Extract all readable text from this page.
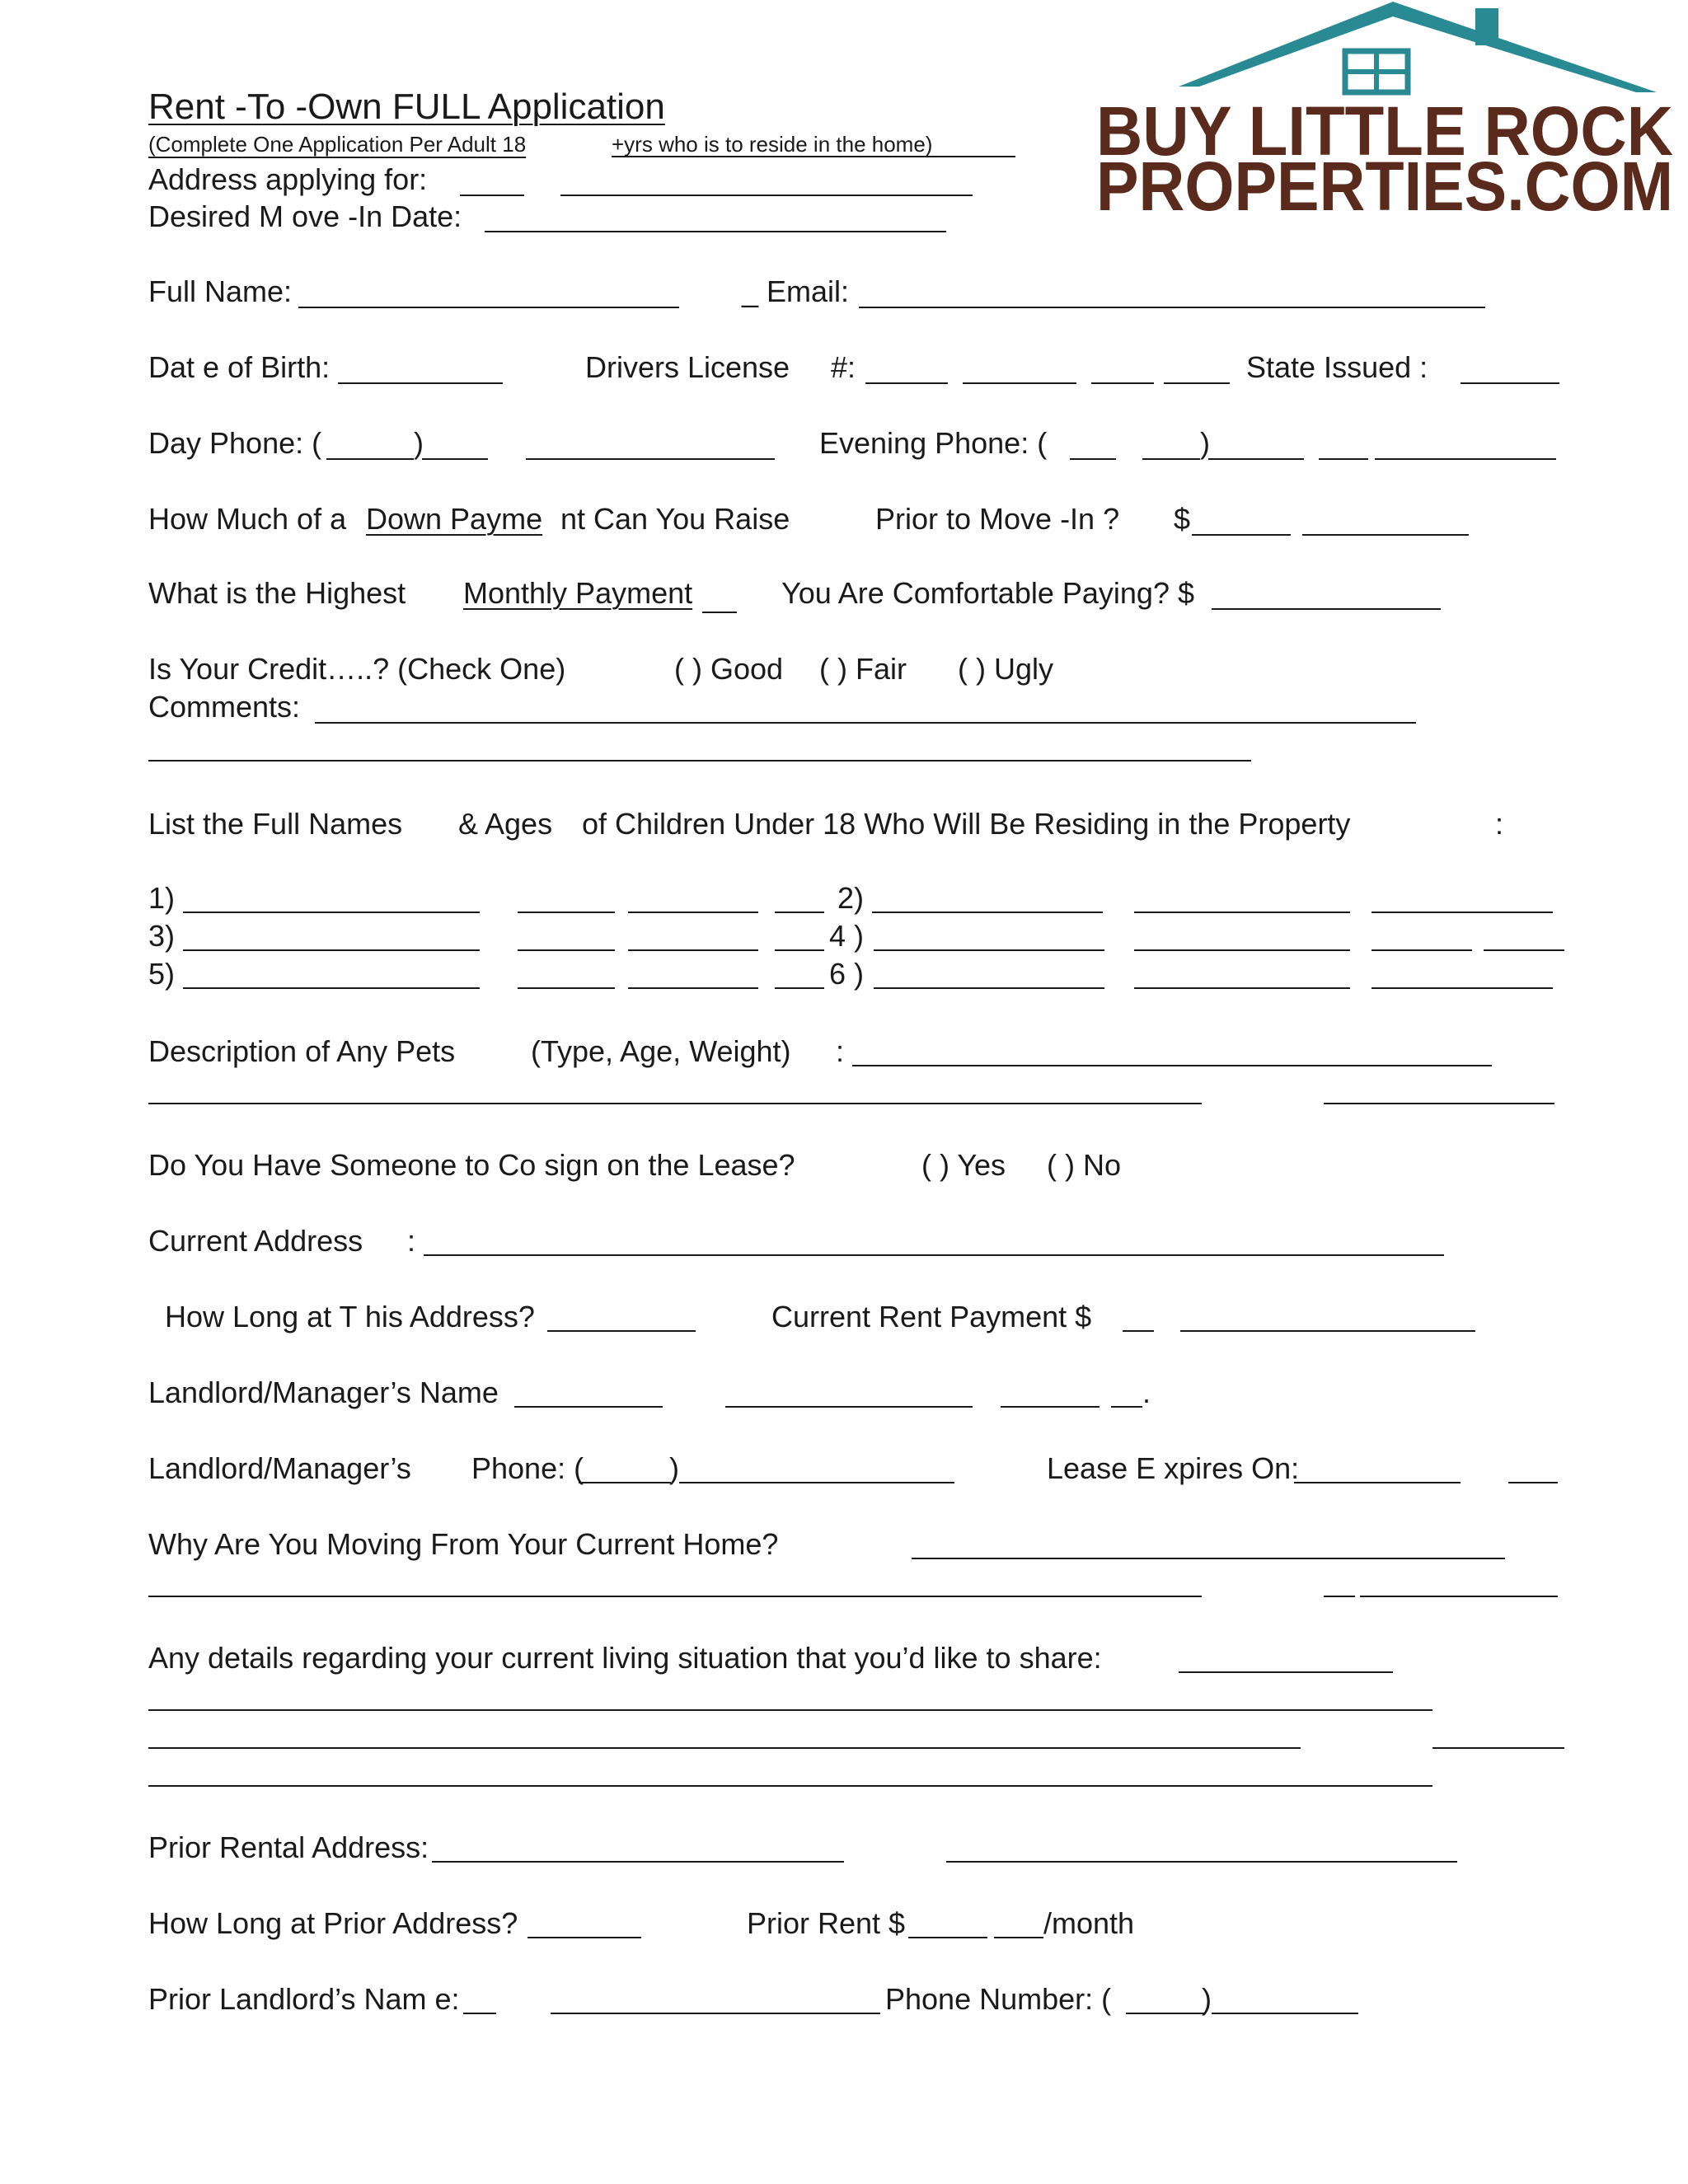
BUY LITTLE ROCK
PROPERTIES.COM
Rent -To -Own FULL Application
(Complete One Application Per Adult 18	+yrs who is to reside in the home)
Address applying for:
Desired M ove -In Date:
Full Name:	_ Email:
Dat e of Birth:	Drivers License #:	State Issued :
Day Phone: (	)	Evening Phone: (	)
How Much of a Down Payme nt Can You Raise	Prior to Move -In ? $
What is the Highest Monthly Payment	You Are Comfortable Paying? $
Is Your Credit…..? (Check One)	( ) Good ( ) Fair ( ) Ugly
Comments:
List the Full Names & Ages of Children Under 18 Who Will Be Residing in the Property	:
1)	2)
3)	4 )
5)	6 )
Description of Any Pets	(Type, Age, Weight) :
Do You Have Someone to Co sign on the Lease?	( ) Yes ( ) No
Current Address :
How Long at T his Address?	Current Rent Payment $
Landlord/Manager’s Name	.
Landlord/Manager’s Phone: (	)	Lease E xpires On:
Why Are You Moving From Your Current Home?
Any details regarding your current living situation that you’d like to share:
Prior Rental Address:
How Long at Prior Address?	Prior Rent $	/month
Prior Landlord’s Nam e:	Phone Number: (	)
